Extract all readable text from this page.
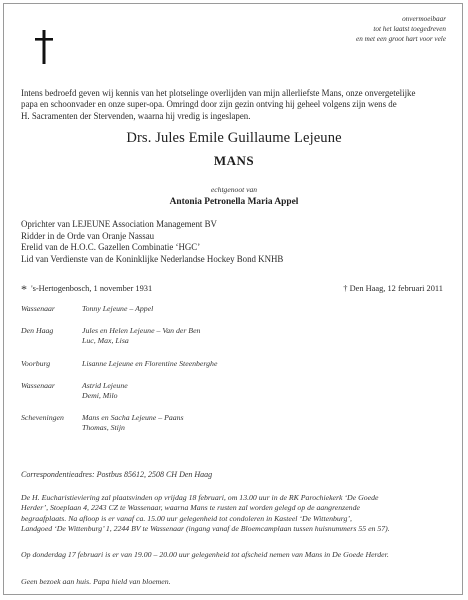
onvermoeibaar
tot het laatst toegedreven
en met een groot hart voor vele
Intens bedroefd geven wij kennis van het plotselinge overlijden van mijn allerliefste Mans, onze onvergetelijke
papa en schoonvader en onze super-opa. Omringd door zijn gezin ontving hij geheel volgens zijn wens de
H. Sacramenten der Stervenden, waarna hij vredig is ingeslapen.
Drs. Jules Emile Guillaume Lejeune
MANS
echtgenoot van
Antonia Petronella Maria Appel
Oprichter van LEJEUNE Association Management BV
Ridder in de Orde van Oranje Nassau
Erelid van de H.O.C. Gazellen Combinatie ‘HGC’
Lid van Verdienste van de Koninklijke Nederlandse Hockey Bond KNHB
* 's-Hertogenbosch, 1 november 1931	† Den Haag, 12 februari 2011
Wassenaar	Tonny Lejeune – Appel
Den Haag	Jules en Helen Lejeune – Van der Ben
Luc, Max, Lisa
Voorburg	Lisanne Lejeune en Florentine Steenberghe
Wassenaar	Astrid Lejeune
Demi, Milo
Scheveningen	Mans en Sacha Lejeune – Paans
Thomas, Stijn
Correspondentieadres: Postbus 85612, 2508 CH Den Haag
De H. Eucharistieviering zal plaatsvinden op vrijdag 18 februari, om 13.00 uur in de RK Parochiekerk ‘De Goede
Herder’, Stoeplaan 4, 2243 CZ te Wassenaar, waarna Mans te rusten zal worden gelegd op de aangrenzende
begraafplaats. Na afloop is er vanaf ca. 15.00 uur gelegenheid tot condoleren in Kasteel ‘De Wittenburg’,
Landgoed ‘De Wittenburg’ 1, 2244 BV te Wassenaar (ingang vanaf de Bloemcamplaan tussen huisnummers 55 en 57).
Op donderdag 17 februari is er van 19.00 – 20.00 uur gelegenheid tot afscheid nemen van Mans in De Goede Herder.
Geen bezoek aan huis. Papa hield van bloemen.
